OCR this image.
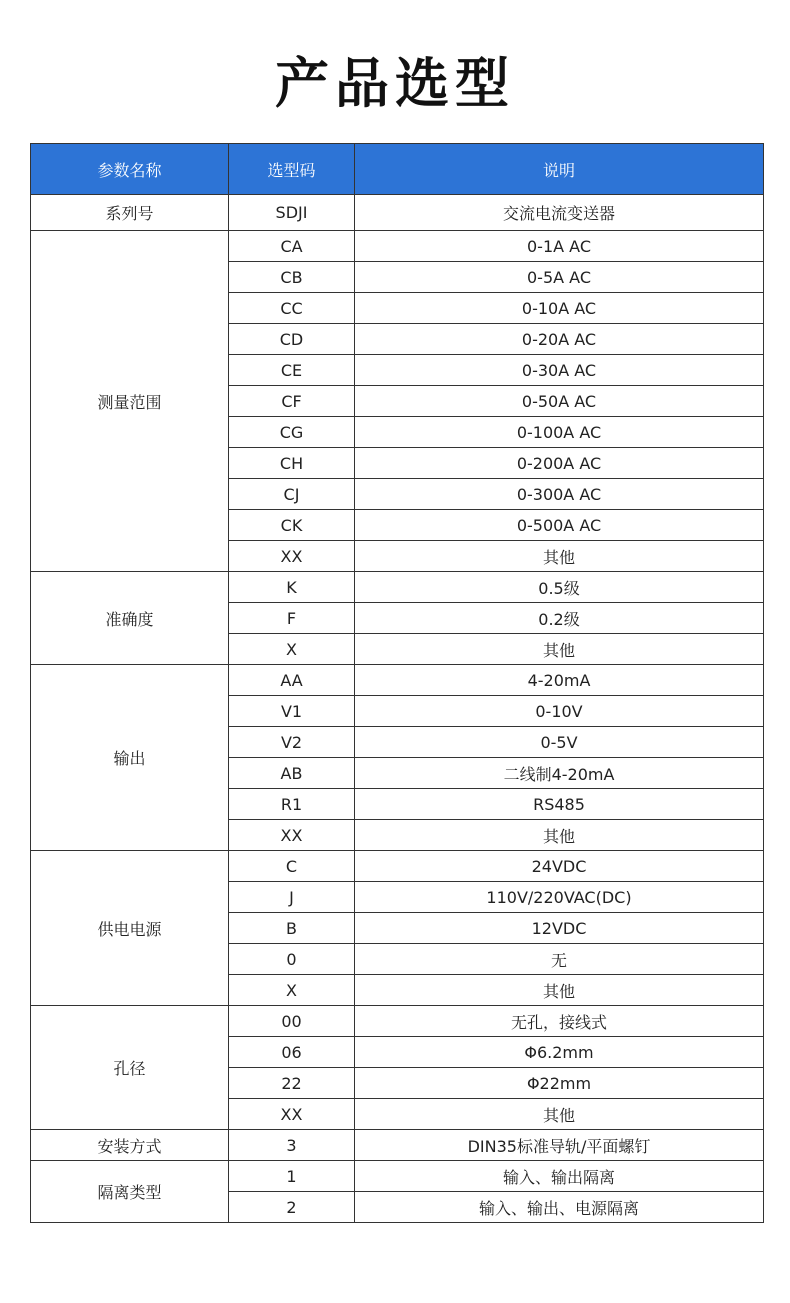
产品选型
参数名称	选型码	说明
系列号	SDJI	交流电流变送器
测量范围	CA	0-1A AC
	CB	0-5A AC
	CC	0-10A AC
	CD	0-20A AC
	CE	0-30A AC
	CF	0-50A AC
	CG	0-100A AC
	CH	0-200A AC
	CJ	0-300A AC
	CK	0-500A AC
	XX	其他
准确度	K	0.5级
	F	0.2级
	X	其他
输出	AA	4-20mA
	V1	0-10V
	V2	0-5V
	AB	二线制4-20mA
	R1	RS485
	XX	其他
供电电源	C	24VDC
	J	110V/220VAC(DC)
	B	12VDC
	0	无
	X	其他
孔径	00	无孔，接线式
	06	Φ6.2mm
	22	Φ22mm
	XX	其他
安装方式	3	DIN35标准导轨/平面螺钉
隔离类型	1	输入、输出隔离
	2	输入、输出、电源隔离
